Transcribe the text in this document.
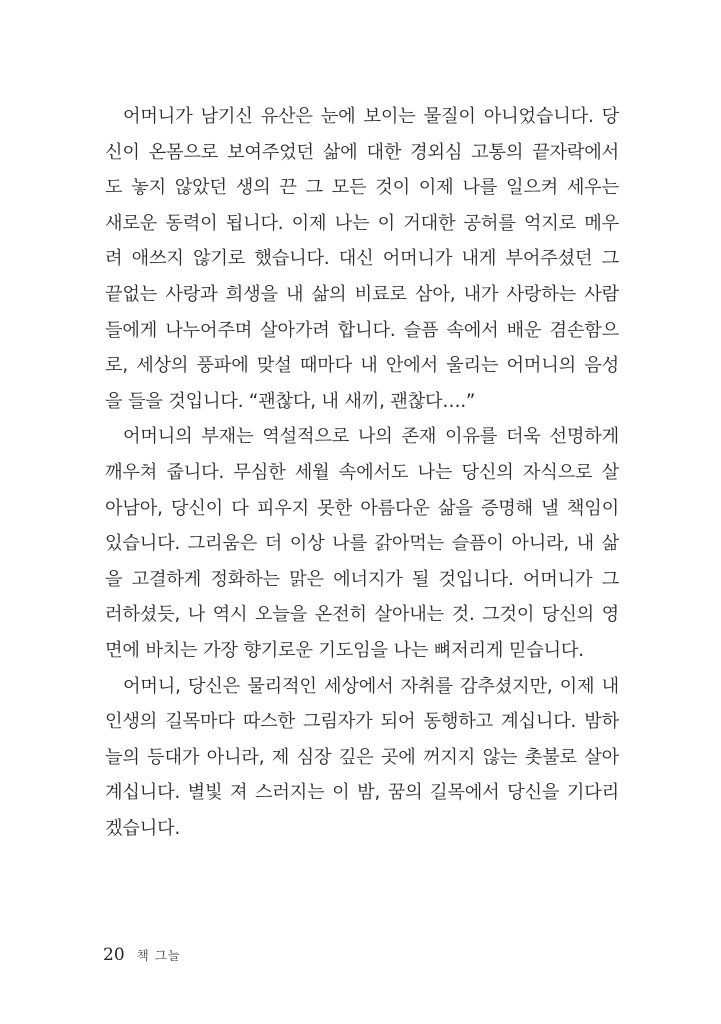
어머니가 남기신 유산은 눈에 보이는 물질이 아니었습니다. 당
신이 온몸으로 보여주었던 삶에 대한 경외심 고통의 끝자락에서
도 놓지 않았던 생의 끈 그 모든 것이 이제 나를 일으켜 세우는
새로운 동력이 됩니다. 이제 나는 이 거대한 공허를 억지로 메우
려 애쓰지 않기로 했습니다. 대신 어머니가 내게 부어주셨던 그
끝없는 사랑과 희생을 내 삶의 비료로 삼아, 내가 사랑하는 사람
들에게 나누어주며 살아가려 합니다. 슬픔 속에서 배운 겸손함으
로, 세상의 풍파에 맞설 때마다 내 안에서 울리는 어머니의 음성
을 들을 것입니다. “괜찮다, 내 새끼, 괜찮다….”
어머니의 부재는 역설적으로 나의 존재 이유를 더욱 선명하게
깨우쳐 줍니다. 무심한 세월 속에서도 나는 당신의 자식으로 살
아남아, 당신이 다 피우지 못한 아름다운 삶을 증명해 낼 책임이
있습니다. 그리움은 더 이상 나를 갉아먹는 슬픔이 아니라, 내 삶
을 고결하게 정화하는 맑은 에너지가 될 것입니다. 어머니가 그
러하셨듯, 나 역시 오늘을 온전히 살아내는 것. 그것이 당신의 영
면에 바치는 가장 향기로운 기도임을 나는 뼈저리게 믿습니다.
어머니, 당신은 물리적인 세상에서 자취를 감추셨지만, 이제 내
인생의 길목마다 따스한 그림자가 되어 동행하고 계십니다. 밤하
늘의 등대가 아니라, 제 심장 깊은 곳에 꺼지지 않는 촛불로 살아
계십니다. 별빛 져 스러지는 이 밤, 꿈의 길목에서 당신을 기다리
겠습니다.
20 책 그늘
